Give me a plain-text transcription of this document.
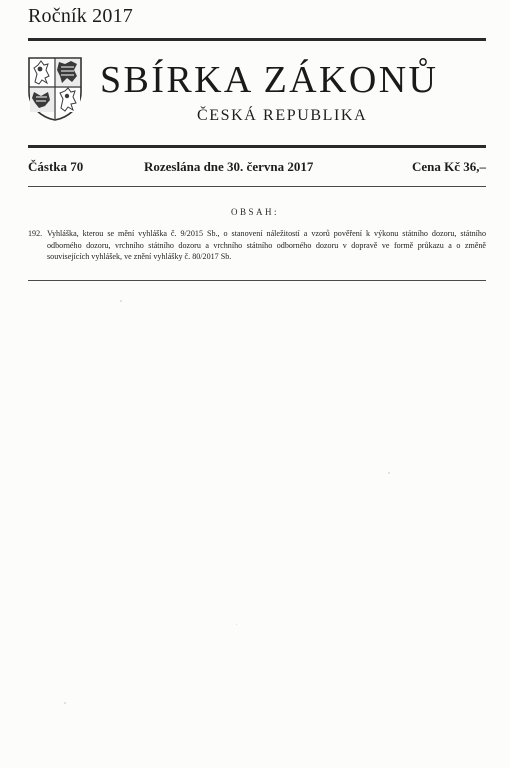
Ročník 2017
SBÍRKA ZÁKONŮ
ČESKÁ REPUBLIKA
Částka 70	Rozeslána dne 30. června 2017	Cena Kč 36,–
OBSAH:
192. Vyhláška, kterou se mění vyhláška č. 9/2015 Sb., o stanovení náležitostí a vzorů pověření k výkonu státního dozoru, státního odborného dozoru, vrchního státního dozoru a vrchního státního odborného dozoru v dopravě ve formě průkazu a o změně souvisejících vyhlášek, ve znění vyhlášky č. 80/2017 Sb.
